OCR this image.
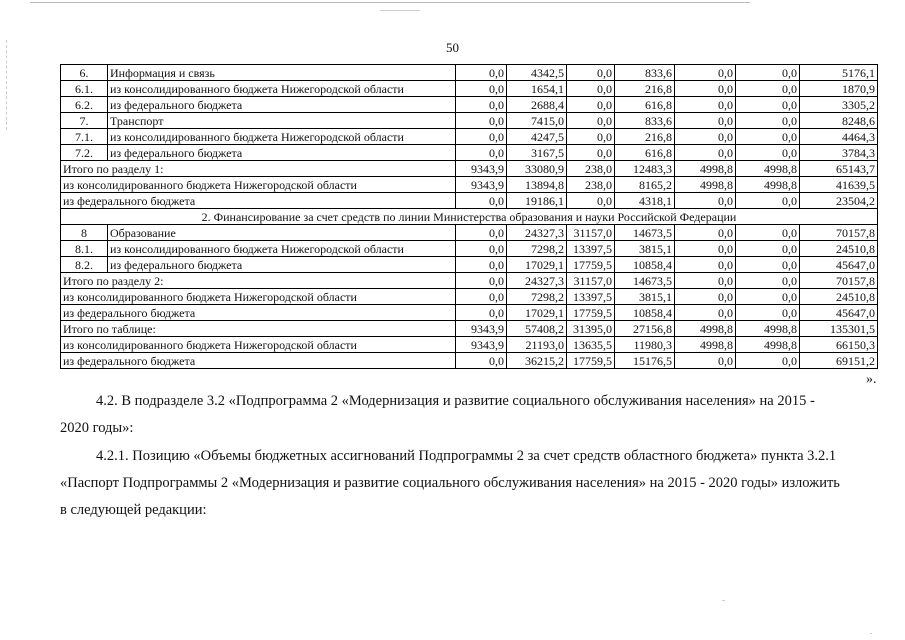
50
6.	Информация и связь	0,0	4342,5	0,0	833,6	0,0	0,0	5176,1
6.1.	из консолидированного бюджета Нижегородской области	0,0	1654,1	0,0	216,8	0,0	0,0	1870,9
6.2.	из федерального бюджета	0,0	2688,4	0,0	616,8	0,0	0,0	3305,2
7.	Транспорт	0,0	7415,0	0,0	833,6	0,0	0,0	8248,6
7.1.	из консолидированного бюджета Нижегородской области	0,0	4247,5	0,0	216,8	0,0	0,0	4464,3
7.2.	из федерального бюджета	0,0	3167,5	0,0	616,8	0,0	0,0	3784,3
Итого по разделу 1:		9343,9	33080,9	238,0	12483,3	4998,8	4998,8	65143,7
из консолидированного бюджета Нижегородской области		9343,9	13894,8	238,0	8165,2	4998,8	4998,8	41639,5
из федерального бюджета		0,0	19186,1	0,0	4318,1	0,0	0,0	23504,2
2. Финансирование за счет средств по линии Министерства образования и науки Российской Федерации								
8	Образование	0,0	24327,3	31157,0	14673,5	0,0	0,0	70157,8
8.1.	из консолидированного бюджета Нижегородской области	0,0	7298,2	13397,5	3815,1	0,0	0,0	24510,8
8.2.	из федерального бюджета	0,0	17029,1	17759,5	10858,4	0,0	0,0	45647,0
Итого по разделу 2:		0,0	24327,3	31157,0	14673,5	0,0	0,0	70157,8
из консолидированного бюджета Нижегородской области		0,0	7298,2	13397,5	3815,1	0,0	0,0	24510,8
из федерального бюджета		0,0	17029,1	17759,5	10858,4	0,0	0,0	45647,0
Итого по таблице:		9343,9	57408,2	31395,0	27156,8	4998,8	4998,8	135301,5
из консолидированного бюджета Нижегородской области		9343,9	21193,0	13635,5	11980,3	4998,8	4998,8	66150,3
из федерального бюджета		0,0	36215,2	17759,5	15176,5	0,0	0,0	69151,2
».
4.2. В подразделе 3.2 «Подпрограмма 2 «Модернизация и развитие социального обслуживания населения» на 2015 -
2020 годы»:
4.2.1. Позицию «Объемы бюджетных ассигнований Подпрограммы 2 за счет средств областного бюджета» пункта 3.2.1
«Паспорт Подпрограммы 2 «Модернизация и развитие социального обслуживания населения» на 2015 - 2020 годы» изложить
в следующей редакции:
